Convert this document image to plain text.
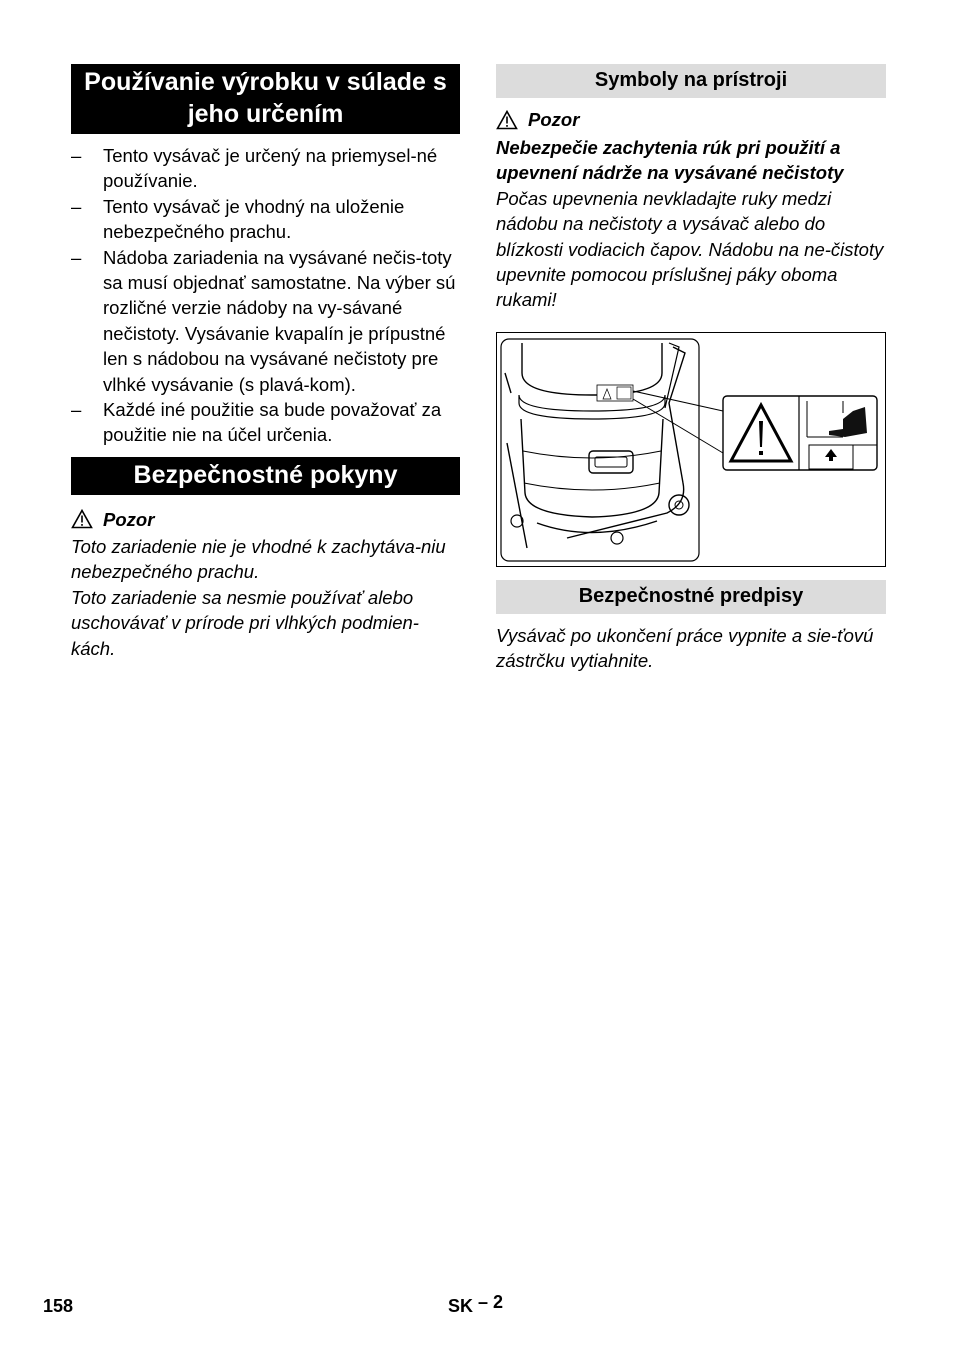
Používanie výrobku v súlade s jeho určením
– Tento vysávač je určený na priemysel-né používanie.
– Tento vysávač je vhodný na uloženie nebezpečného prachu.
– Nádoba zariadenia na vysávané nečis-toty sa musí objednať samostatne. Na výber sú rozličné verzie nádoby na vy-sávané nečistoty. Vysávanie kvapalín je prípustné len s nádobou na vysávané nečistoty pre vlhké vysávanie (s plavá-kom).
– Každé iné použitie sa bude považovať za použitie nie na účel určenia.
Bezpečnostné pokyny
Pozor

Toto zariadenie nie je vhodné k zachytáva-niu nebezpečného prachu.

Toto zariadenie sa nesmie používať alebo uschovávať v prírode pri vlhkých podmien-kách.

Symboly na prístroji
Pozor

Nebezpečie zachytenia rúk pri použití a upevnení nádrže na vysávané nečistoty

Počas upevnenia nevkladajte ruky medzi nádobu na nečistoty a vysávač alebo do blízkosti vodiacich čapov. Nádobu na ne-čistoty upevnite pomocou príslušnej páky oboma rukami!

Bezpečnostné predpisy

Vysávač po ukončení práce vypnite a sie-ťovú zástrčku vytiahnite.

158	SK – 2
